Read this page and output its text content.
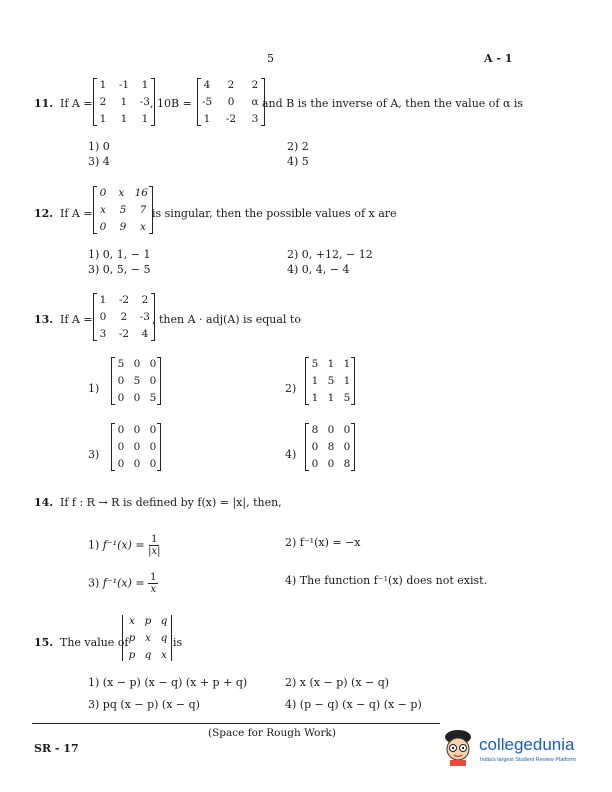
5	A - 1
11. If A =
1 -1 1
2 1 -3
1 1 1
, 10B =
4 2 2
-5 0 α
1 -2 3
and B is the inverse of A, then the value of α is
1) 0	2) 2
3) 4	4) 5
12. If A =
0 x 16
x 5 7
0 9 x
is singular, then the possible values of x are
1) 0, 1, − 1	2) 0, +12, − 12
3) 0, 5, − 5	4) 0, 4, − 4
13. If A =
1 -2 2
0 2 -3
3 -2 4
, then A · adj(A) is equal to
1)
5 0 0
0 5 0
0 0 5
2)
5 1 1
1 5 1
1 1 5
3)
0 0 0
0 0 0
0 0 0
4)
8 0 0
0 8 0
0 0 8
14. If f : R → R is defined by f(x) = |x|, then,
1) $f^{-1}(x) = \frac{1}{|x|}$	2) f⁻¹(x) = −x
3) $f^{-1}(x) = \frac{1}{x}$	4) The function f⁻¹(x) does not exist.
15. The value of
x p q
p x q
p q x
is
1) (x − p) (x − q) (x + p + q)	2) x (x − p) (x − q)
3) pq (x − p) (x − q)	4) (p − q) (x − q) (x − p)
(Space for Rough Work)
SR - 17	collegedunia
India's largest Student Review Platform
